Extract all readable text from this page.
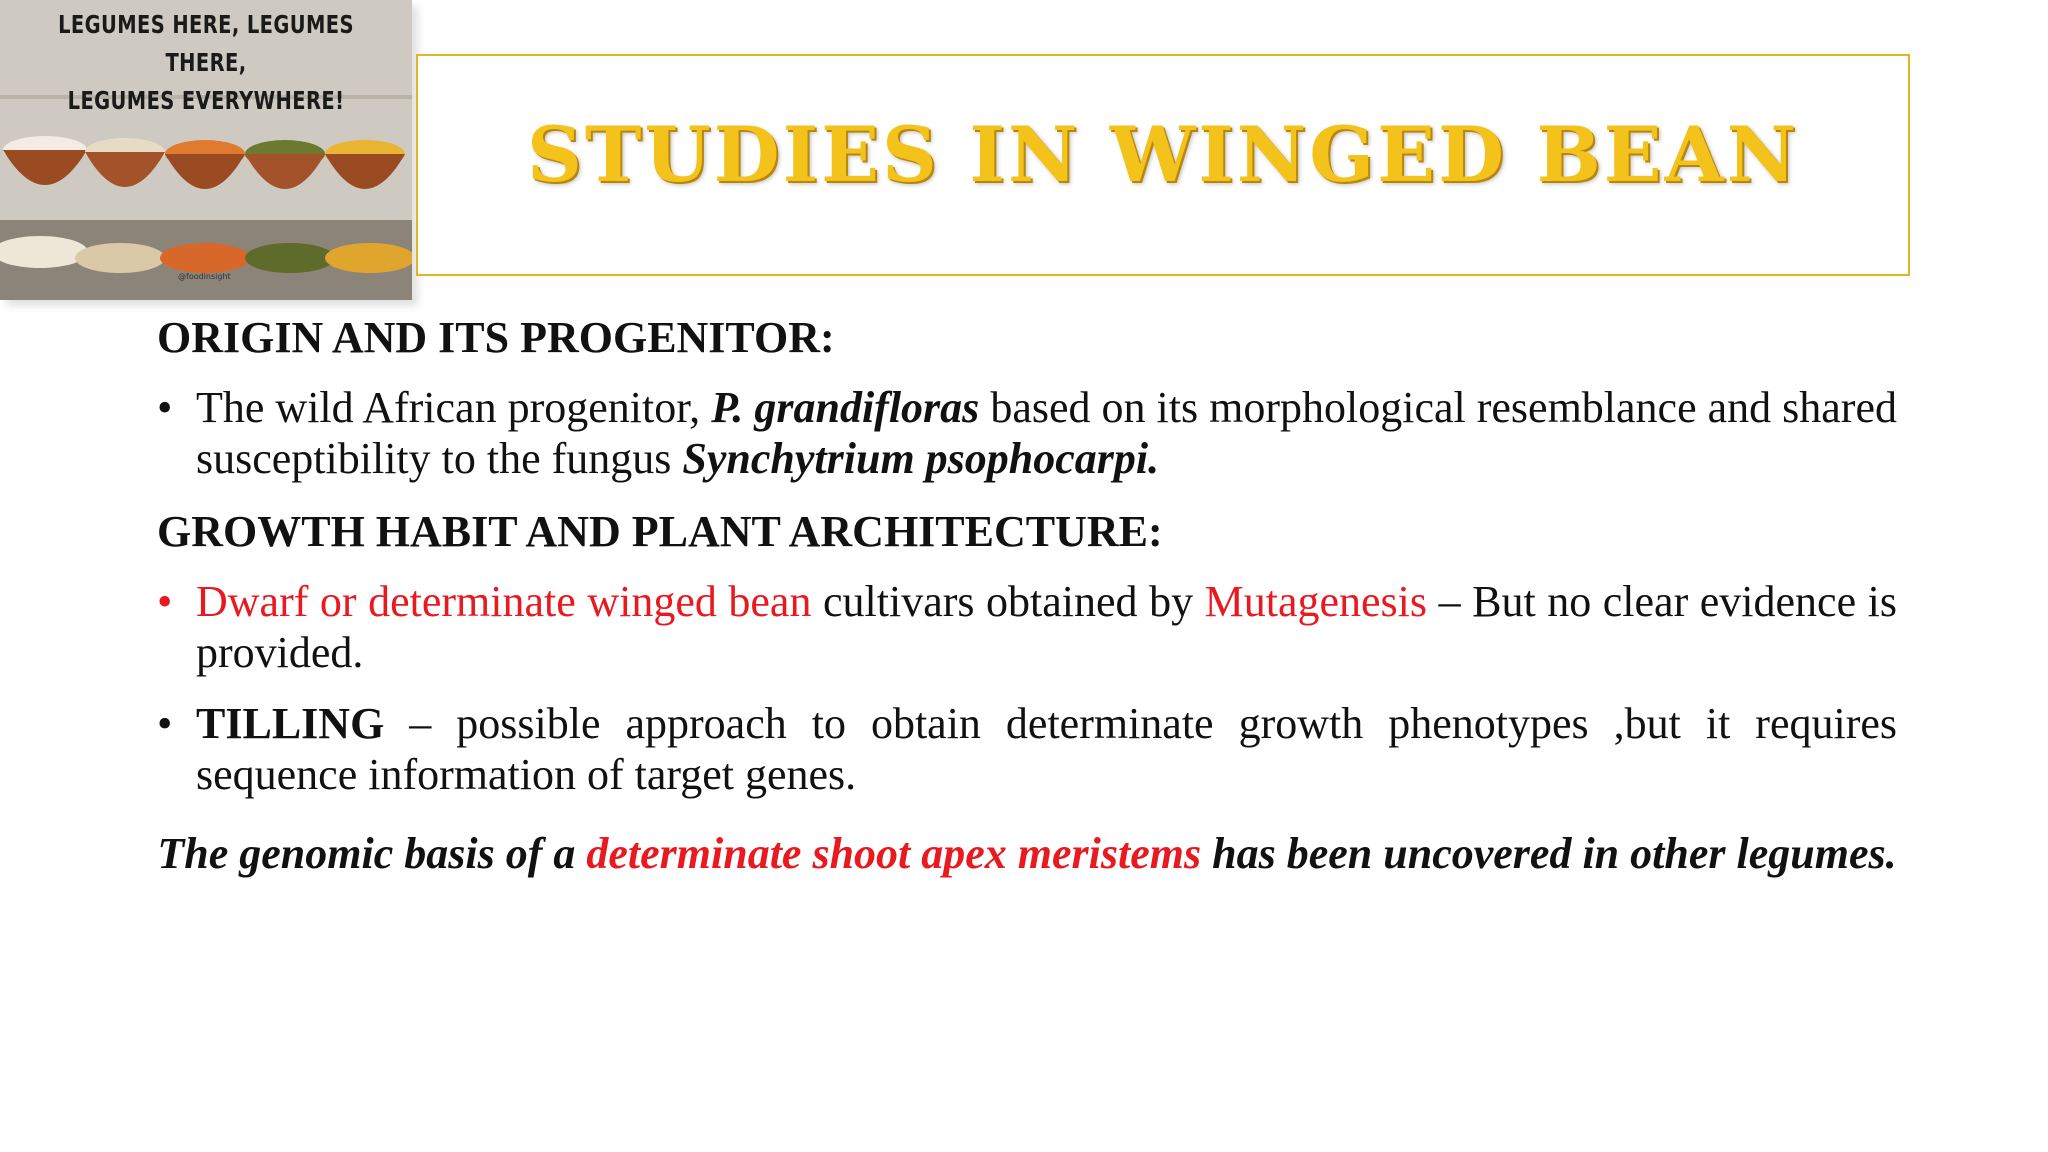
LEGUMES HERE, LEGUMES THERE,
LEGUMES EVERYWHERE!
@foodinsight
STUDIES IN WINGED BEAN

ORIGIN AND ITS PROGENITOR:

• The wild African progenitor, P. grandifloras based on its morphological resemblance and shared susceptibility to the fungus Synchytrium psophocarpi.

GROWTH HABIT AND PLANT ARCHITECTURE:

• Dwarf or determinate winged bean cultivars obtained by Mutagenesis – But no clear evidence is provided.

• TILLING – possible approach to obtain determinate growth phenotypes ,but it requires sequence information of target genes.

The genomic basis of a determinate shoot apex meristems has been uncovered in other legumes.
